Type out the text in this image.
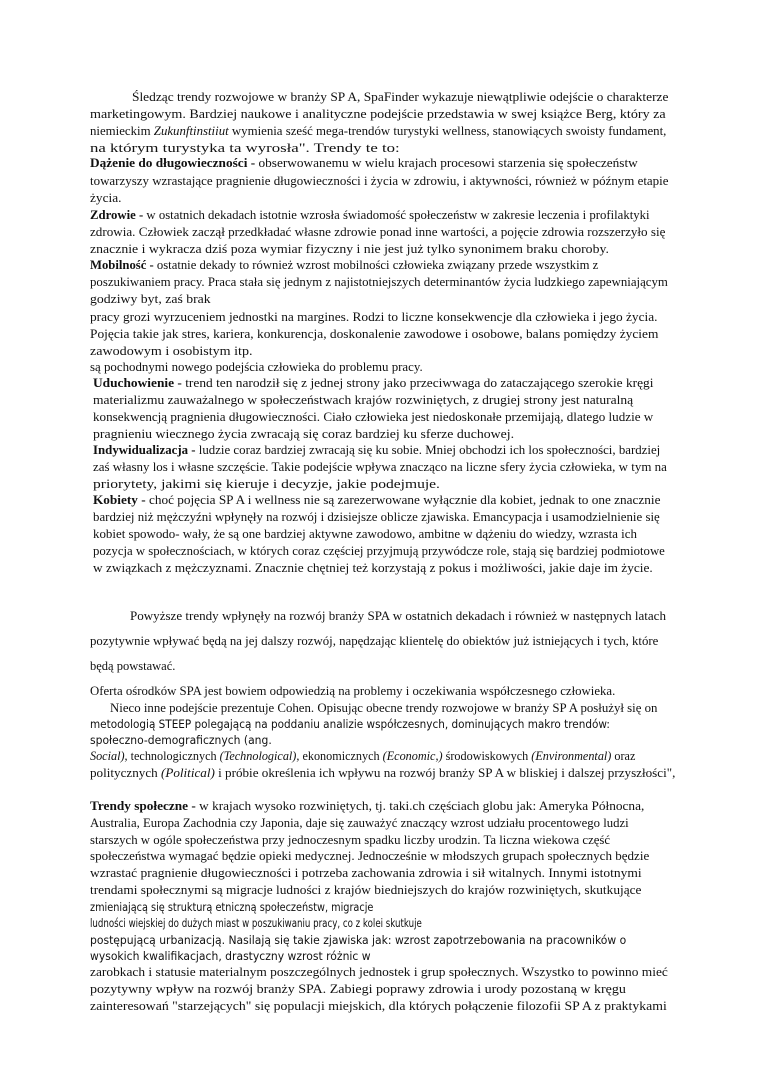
Śledząc trendy rozwojowe w branży SP A, SpaFinder wykazuje niewątpliwie odejście o charakterze
marketingowym. Bardziej naukowe i analityczne podejście przedstawia w swej książce Berg, który za
niemieckim Zukunftinstiiut wymienia sześć mega-trendów turystyki wellness, stanowiących swoisty fundament,
na którym turystyka ta wyrosła". Trendy te to:
Dążenie do długowieczności - obserwowanemu w wielu krajach procesowi starzenia się społeczeństw
towarzyszy wzrastające pragnienie długowieczności i życia w zdrowiu, i aktywności, również w późnym etapie
życia.
Zdrowie - w ostatnich dekadach istotnie wzrosła świadomość społeczeństw w zakresie leczenia i profilaktyki
zdrowia. Człowiek zaczął przedkładać własne zdrowie ponad inne wartości, a pojęcie zdrowia rozszerzyło się
znacznie i wykracza dziś poza wymiar fizyczny i nie jest już tylko synonimem braku choroby.
Mobilność - ostatnie dekady to również wzrost mobilności człowieka związany przede wszystkim z
poszukiwaniem pracy. Praca stała się jednym z najistotniejszych determinantów życia ludzkiego zapewniającym
godziwy byt, zaś brak
pracy grozi wyrzuceniem jednostki na margines. Rodzi to liczne konsekwencje dla człowieka i jego życia.
Pojęcia takie jak stres, kariera, konkurencja, doskonalenie zawodowe i osobowe, balans pomiędzy życiem
zawodowym i osobistym itp.
są pochodnymi nowego podejścia człowieka do problemu pracy.
Uduchowienie - trend ten narodził się z jednej strony jako przeciwwaga do zataczającego szerokie kręgi
materializmu zauważalnego w społeczeństwach krajów rozwiniętych, z drugiej strony jest naturalną
konsekwencją pragnienia długowieczności. Ciało człowieka jest niedoskonałe przemijają, dlatego ludzie w
pragnieniu wiecznego życia zwracają się coraz bardziej ku sferze duchowej.
Indywidualizacja - ludzie coraz bardziej zwracają się ku sobie. Mniej obchodzi ich los społeczności, bardziej
zaś własny los i własne szczęście. Takie podejście wpływa znacząco na liczne sfery życia człowieka, w tym na
priorytety, jakimi się kieruje i decyzje, jakie podejmuje.
Kobiety - choć pojęcia SP A i wellness nie są zarezerwowane wyłącznie dla kobiet, jednak to one znacznie
bardziej niż mężczyźni wpłynęły na rozwój i dzisiejsze oblicze zjawiska. Emancypacja i usamodzielnienie się
kobiet spowodo- wały, że są one bardziej aktywne zawodowo, ambitne w dążeniu do wiedzy, wzrasta ich
pozycja w społecznościach, w których coraz częściej przyjmują przywódcze role, stają się bardziej podmiotowe
w związkach z mężczyznami. Znacznie chętniej też korzystają z pokus i możliwości, jakie daje im życie.
Powyższe trendy wpłynęły na rozwój branży SPA w ostatnich dekadach i również w następnych latach
pozytywnie wpływać będą na jej dalszy rozwój, napędzając klientelę do obiektów już istniejących i tych, które
będą powstawać.
Oferta ośrodków SPA jest bowiem odpowiedzią na problemy i oczekiwania współczesnego człowieka.
Nieco inne podejście prezentuje Cohen. Opisując obecne trendy rozwojowe w branży SP A posłużył się on
metodologią STEEP polegającą na poddaniu analizie współczesnych, dominujących makro trendów:
społeczno-demograficznych (ang.
Social), technologicznych (Technological), ekonomicznych (Economic,) środowiskowych (Environmental) oraz
politycznych (Political) i próbie określenia ich wpływu na rozwój branży SP A w bliskiej i dalszej przyszłości",
Trendy społeczne - w krajach wysoko rozwiniętych, tj. taki.ch częściach globu jak: Ameryka Północna,
Australia, Europa Zachodnia czy Japonia, daje się zauważyć znaczący wzrost udziału procentowego ludzi
starszych w ogóle społeczeństwa przy jednoczesnym spadku liczby urodzin. Ta liczna wiekowa część
społeczeństwa wymagać będzie opieki medycznej. Jednocześnie w młodszych grupach społecznych będzie
wzrastać pragnienie długowieczności i potrzeba zachowania zdrowia i sił witalnych. Innymi istotnymi
trendami społecznymi są migracje ludności z krajów biedniejszych do krajów rozwiniętych, skutkujące
zmieniającą się strukturą etniczną społeczeństw, migracje
ludności wiejskiej do dużych miast w poszukiwaniu pracy, co z kolei skutkuje
postępującą urbanizacją. Nasilają się takie zjawiska jak: wzrost zapotrzebowania na pracowników o
wysokich kwalifikacjach, drastyczny wzrost różnic w
zarobkach i statusie materialnym poszczególnych jednostek i grup społecznych. Wszystko to powinno mieć
pozytywny wpływ na rozwój branży SPA. Zabiegi poprawy zdrowia i urody pozostaną w kręgu
zainteresowań "starzejących" się populacji miejskich, dla których połączenie filozofii SP A z praktykami
